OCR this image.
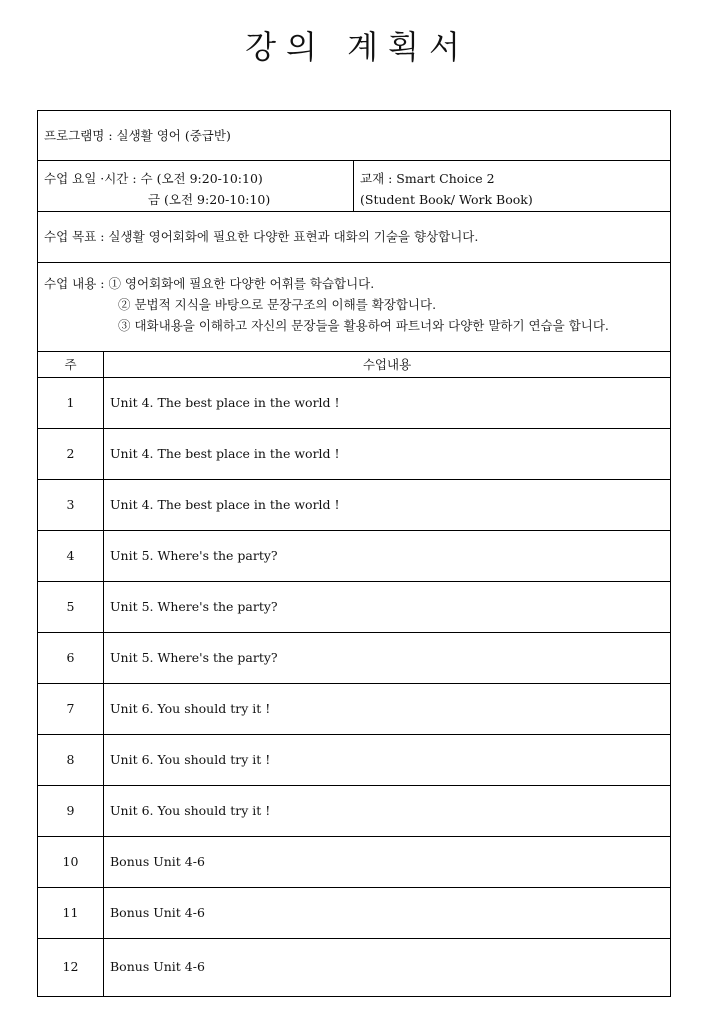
강의 계획서
프로그램명 : 실생활 영어 (중급반)
수업 요일 ·시간 : 수 (오전 9:20-10:10)
금 (오전 9:20-10:10)
교재 : Smart Choice 2
(Student Book/ Work Book)
수업 목표 : 실생활 영어회화에 필요한 다양한 표현과 대화의 기술을 향상합니다.
수업 내용 : ① 영어회화에 필요한 다양한 어휘를 학습합니다.
② 문법적 지식을 바탕으로 문장구조의 이해를 확장합니다.
③ 대화내용을 이해하고 자신의 문장들을 활용하여 파트너와 다양한 말하기 연습을 합니다.
주	수업내용
1	Unit 4. The best place in the world !
2	Unit 4. The best place in the world !
3	Unit 4. The best place in the world !
4	Unit 5. Where's the party?
5	Unit 5. Where's the party?
6	Unit 5. Where's the party?
7	Unit 6. You should try it !
8	Unit 6. You should try it !
9	Unit 6. You should try it !
10	Bonus Unit 4-6
11	Bonus Unit 4-6
12	Bonus Unit 4-6
